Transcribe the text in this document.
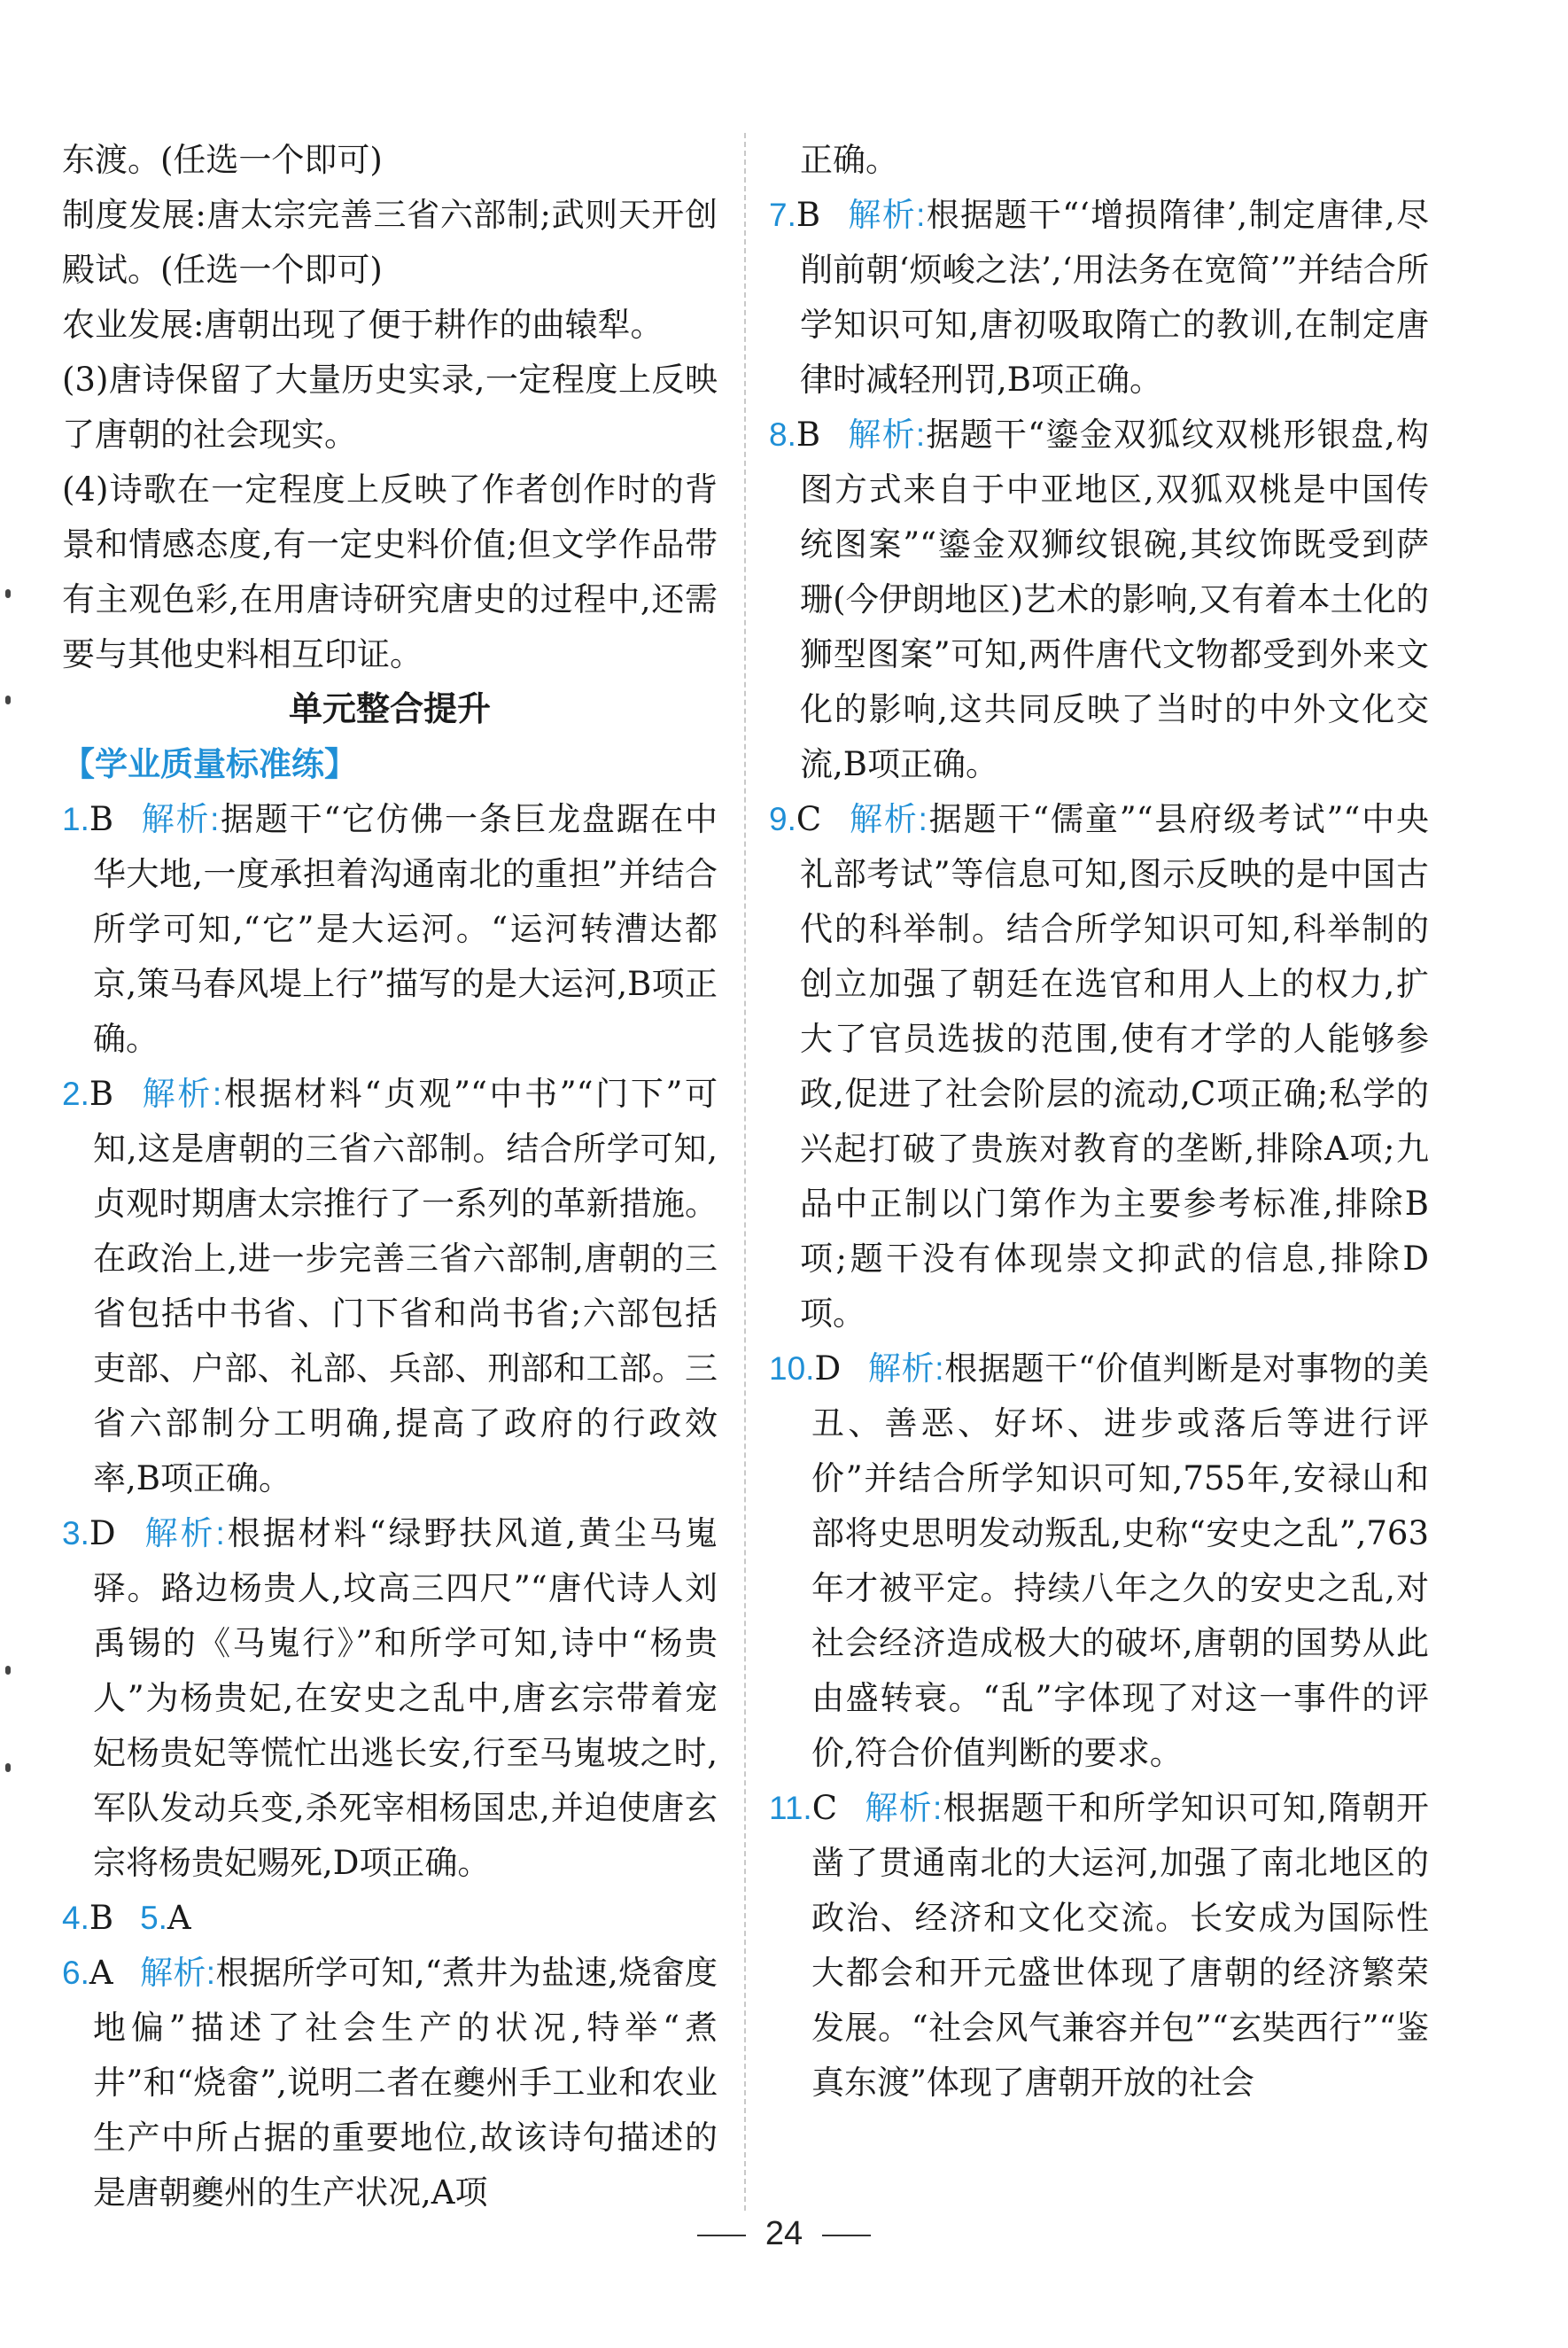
东渡。(任选一个即可)
制度发展:唐太宗完善三省六部制;武则天开创殿试。(任选一个即可)
农业发展:唐朝出现了便于耕作的曲辕犁。
(3)唐诗保留了大量历史实录,一定程度上反映了唐朝的社会现实。
(4)诗歌在一定程度上反映了作者创作时的背景和情感态度,有一定史料价值;但文学作品带有主观色彩,在用唐诗研究唐史的过程中,还需要与其他史料相互印证。
单元整合提升
【学业质量标准练】
1.B 解析:据题干“它仿佛一条巨龙盘踞在中华大地,一度承担着沟通南北的重担”并结合所学可知,“它”是大运河。“运河转漕达都京,策马春风堤上行”描写的是大运河,B项正确。
2.B 解析:根据材料“贞观”“中书”“门下”可知,这是唐朝的三省六部制。结合所学可知,贞观时期唐太宗推行了一系列的革新措施。在政治上,进一步完善三省六部制,唐朝的三省包括中书省、门下省和尚书省;六部包括吏部、户部、礼部、兵部、刑部和工部。三省六部制分工明确,提高了政府的行政效率,B项正确。
3.D 解析:根据材料“绿野扶风道,黄尘马嵬驿。路边杨贵人,坟高三四尺”“唐代诗人刘禹锡的《马嵬行》”和所学可知,诗中“杨贵人”为杨贵妃,在安史之乱中,唐玄宗带着宠妃杨贵妃等慌忙出逃长安,行至马嵬坡之时,军队发动兵变,杀死宰相杨国忠,并迫使唐玄宗将杨贵妃赐死,D项正确。
4.B 5.A
6.A 解析:根据所学可知,“煮井为盐速,烧畲度地偏”描述了社会生产的状况,特举“煮井”和“烧畲”,说明二者在夔州手工业和农业生产中所占据的重要地位,故该诗句描述的是唐朝夔州的生产状况,A项
正确。
7.B 解析:根据题干“‘增损隋律’,制定唐律,尽削前朝‘烦峻之法’,‘用法务在宽简’”并结合所学知识可知,唐初吸取隋亡的教训,在制定唐律时减轻刑罚,B项正确。
8.B 解析:据题干“鎏金双狐纹双桃形银盘,构图方式来自于中亚地区,双狐双桃是中国传统图案”“鎏金双狮纹银碗,其纹饰既受到萨珊(今伊朗地区)艺术的影响,又有着本土化的狮型图案”可知,两件唐代文物都受到外来文化的影响,这共同反映了当时的中外文化交流,B项正确。
9.C 解析:据题干“儒童”“县府级考试”“中央礼部考试”等信息可知,图示反映的是中国古代的科举制。结合所学知识可知,科举制的创立加强了朝廷在选官和用人上的权力,扩大了官员选拔的范围,使有才学的人能够参政,促进了社会阶层的流动,C项正确;私学的兴起打破了贵族对教育的垄断,排除A项;九品中正制以门第作为主要参考标准,排除B项;题干没有体现崇文抑武的信息,排除D项。
10.D 解析:根据题干“价值判断是对事物的美丑、善恶、好坏、进步或落后等进行评价”并结合所学知识可知,755年,安禄山和部将史思明发动叛乱,史称“安史之乱”,763年才被平定。持续八年之久的安史之乱,对社会经济造成极大的破坏,唐朝的国势从此由盛转衰。“乱”字体现了对这一事件的评价,符合价值判断的要求。
11.C 解析:根据题干和所学知识可知,隋朝开凿了贯通南北的大运河,加强了南北地区的政治、经济和文化交流。长安成为国际性大都会和开元盛世体现了唐朝的经济繁荣发展。“社会风气兼容并包”“玄奘西行”“鉴真东渡”体现了唐朝开放的社会
24
